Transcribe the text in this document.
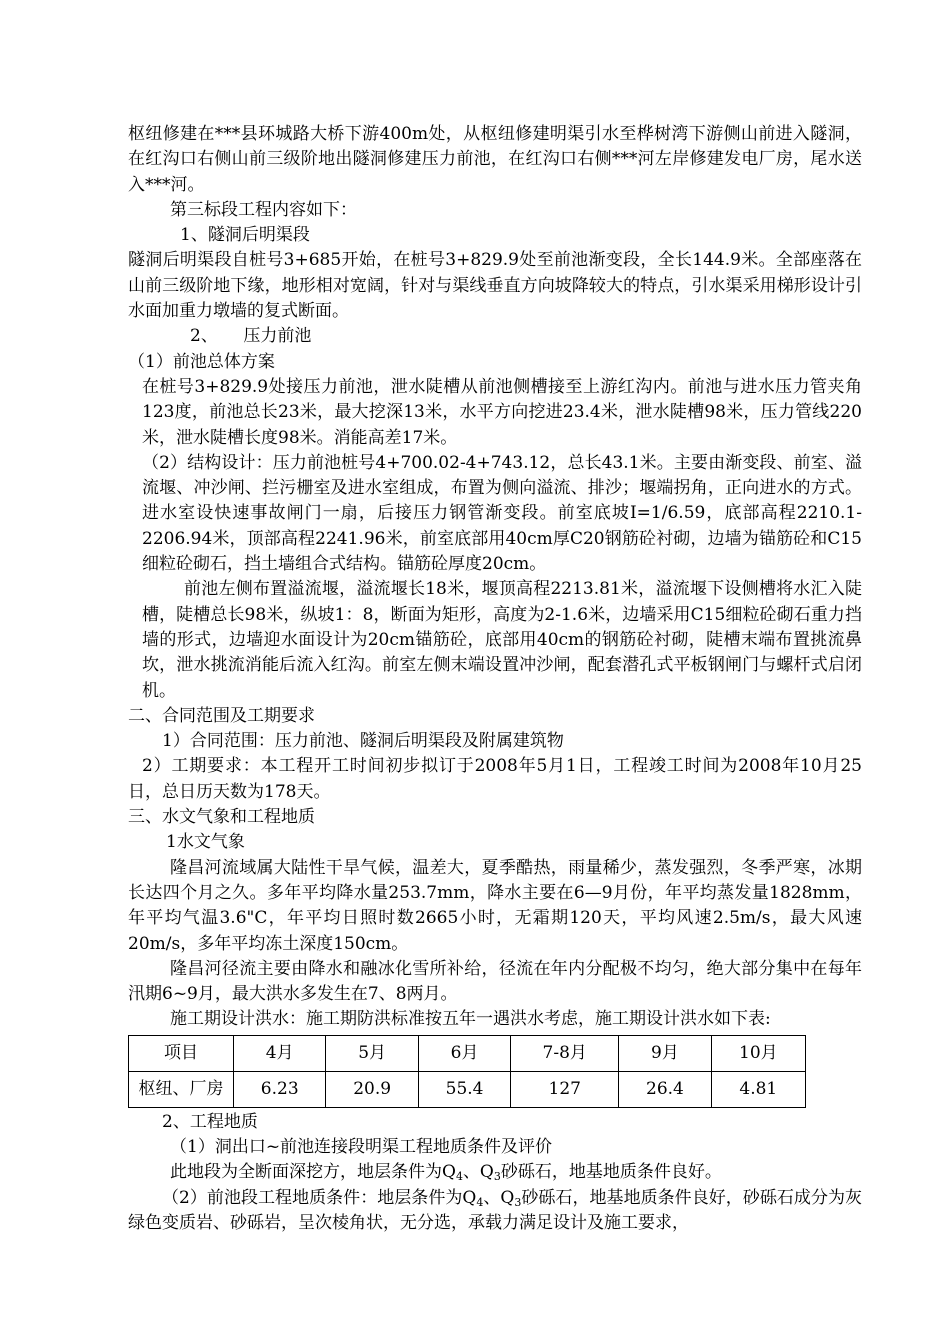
枢纽修建在***县环城路大桥下游400m处，从枢纽修建明渠引水至桦树湾下游侧山前进入隧洞，在红沟口右侧山前三级阶地出隧洞修建压力前池，在红沟口右侧***河左岸修建发电厂房，尾水送入***河。

第三标段工程内容如下：

1、隧洞后明渠段

隧洞后明渠段自桩号3+685开始，在桩号3+829.9处至前池渐变段，全长144.9米。全部座落在山前三级阶地下缘，地形相对宽阔，针对与渠线垂直方向坡降较大的特点，引水渠采用梯形设计引水面加重力墩墙的复式断面。

2、　　压力前池

（1）前池总体方案

在桩号3+829.9处接压力前池，泄水陡槽从前池侧槽接至上游红沟内。前池与进水压力管夹角123度，前池总长23米，最大挖深13米，水平方向挖进23.4米，泄水陡槽98米，压力管线220米，泄水陡槽长度98米。消能高差17米。

（2）结构设计：压力前池桩号4+700.02-4+743.12，总长43.1米。主要由渐变段、前室、溢流堰、冲沙闸、拦污栅室及进水室组成，布置为侧向溢流、排沙；堰端拐角，正向进水的方式。进水室设快速事故闸门一扇，后接压力钢管渐变段。前室底坡I=1/6.59，底部高程2210.1-2206.94米，顶部高程2241.96米，前室底部用40cm厚C20钢筋砼衬砌，边墙为锚筋砼和C15细粒砼砌石，挡土墙组合式结构。锚筋砼厚度20cm。

前池左侧布置溢流堰，溢流堰长18米，堰顶高程2213.81米，溢流堰下设侧槽将水汇入陡槽，陡槽总长98米，纵坡1：8，断面为矩形，高度为2-1.6米，边墙采用C15细粒砼砌石重力挡墙的形式，边墙迎水面设计为20cm锚筋砼，底部用40cm的钢筋砼衬砌，陡槽末端布置挑流鼻坎，泄水挑流消能后流入红沟。前室左侧末端设置冲沙闸，配套潜孔式平板钢闸门与螺杆式启闭机。

二、合同范围及工期要求

1）合同范围：压力前池、隧洞后明渠段及附属建筑物

2）工期要求：本工程开工时间初步拟订于2008年5月1日，工程竣工时间为2008年10月25日，总日历天数为178天。

三、水文气象和工程地质

1水文气象

隆昌河流域属大陆性干旱气候，温差大，夏季酷热，雨量稀少，蒸发强烈，冬季严寒，冰期长达四个月之久。多年平均降水量253.7mm，降水主要在6—9月份，年平均蒸发量1828mm，年平均气温3.6"C，年平均日照时数2665小时，无霜期120天，平均风速2.5m/s，最大风速20m/s，多年平均冻土深度150cm。

隆昌河径流主要由降水和融冰化雪所补给，径流在年内分配极不均匀，绝大部分集中在每年汛期6~9月，最大洪水多发生在7、8两月。

施工期设计洪水：施工期防洪标准按五年一遇洪水考虑，施工期设计洪水如下表:

项目	4月	5月	6月	7-8月	9月	10月
枢纽、厂房	6.23	20.9	55.4	127	26.4	4.81

2、工程地质

（1）洞出口~前池连接段明渠工程地质条件及评价

此地段为全断面深挖方，地层条件为$Q_4$、$Q_3$砂砾石，地基地质条件良好。

（2）前池段工程地质条件：地层条件为$Q_4$、$Q_3$砂砾石，地基地质条件良好，砂砾石成分为灰绿色变质岩、砂砾岩，呈次棱角状，无分选，承载力满足设计及施工要求，
